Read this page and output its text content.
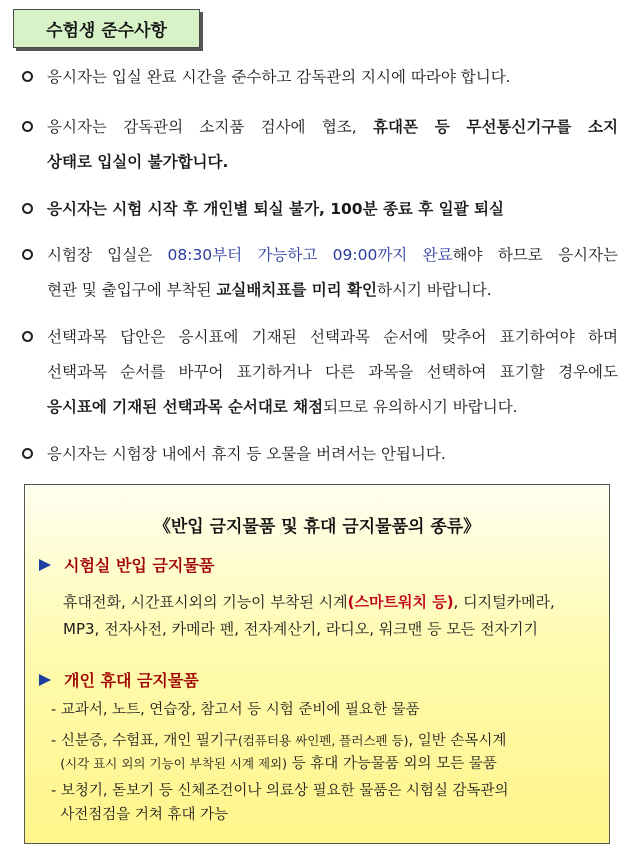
수험생 준수사항
응시자는 입실 완료 시간을 준수하고 감독관의 지시에 따라야 합니다.
응시자는 감독관의 소지품 검사에 협조, 휴대폰 등 무선통신기구를 소지
상태로 입실이 불가합니다.
응시자는 시험 시작 후 개인별 퇴실 불가, 100분 종료 후 일괄 퇴실
시험장 입실은 08:30부터 가능하고 09:00까지 완료해야 하므로 응시자는
현관 및 출입구에 부착된 교실배치표를 미리 확인하시기 바랍니다.
선택과목 답안은 응시표에 기재된 선택과목 순서에 맞추어 표기하여야 하며
선택과목 순서를 바꾸어 표기하거나 다른 과목을 선택하여 표기할 경우에도
응시표에 기재된 선택과목 순서대로 채점되므로 유의하시기 바랍니다.
응시자는 시험장 내에서 휴지 등 오물을 버려서는 안됩니다.
《반입 금지물품 및 휴대 금지물품의 종류》
시험실 반입 금지물품
휴대전화, 시간표시외의 기능이 부착된 시계(스마트워치 등), 디지털카메라,
MP3, 전자사전, 카메라 펜, 전자계산기, 라디오, 워크맨 등 모든 전자기기
개인 휴대 금지물품
- 교과서, 노트, 연습장, 참고서 등 시험 준비에 필요한 물품
- 신분증, 수험표, 개인 필기구(컴퓨터용 싸인펜, 플러스펜 등), 일반 손목시계
(시각 표시 외의 기능이 부착된 시계 제외) 등 휴대 가능물품 외의 모든 물품
- 보청기, 돋보기 등 신체조건이나 의료상 필요한 물품은 시험실 감독관의
사전점검을 거쳐 휴대 가능
